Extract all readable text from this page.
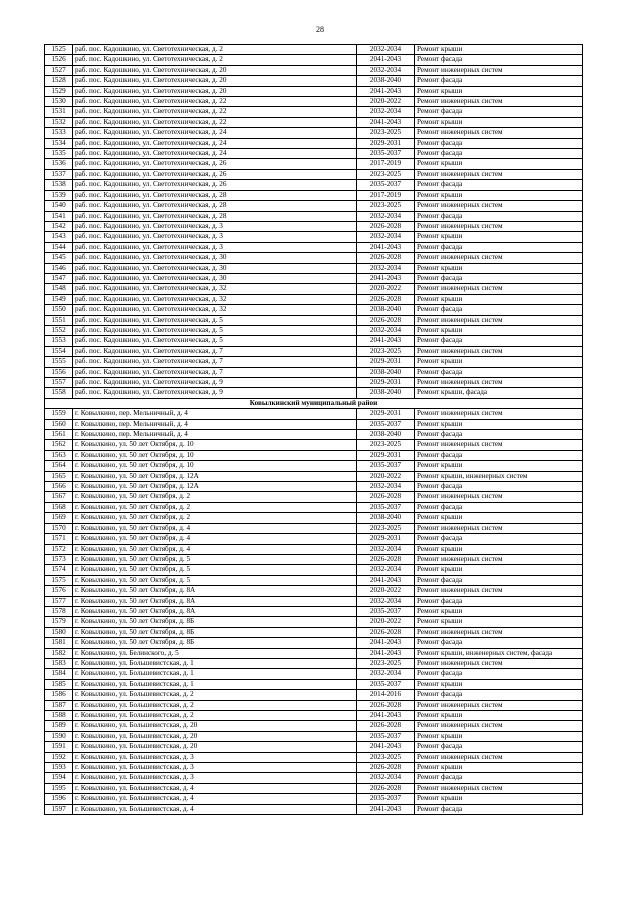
28
1525	раб. пос. Кадошкино, ул. Светотехническая, д. 2	2032-2034	Ремонт крыши
1526	раб. пос. Кадошкино, ул. Светотехническая, д. 2	2041-2043	Ремонт фасада
1527	раб. пос. Кадошкино, ул. Светотехническая, д. 20	2032-2034	Ремонт инженерных систем
1528	раб. пос. Кадошкино, ул. Светотехническая, д. 20	2038-2040	Ремонт фасада
1529	раб. пос. Кадошкино, ул. Светотехническая, д. 20	2041-2043	Ремонт крыши
1530	раб. пос. Кадошкино, ул. Светотехническая, д. 22	2020-2022	Ремонт инженерных систем
1531	раб. пос. Кадошкино, ул. Светотехническая, д. 22	2032-2034	Ремонт фасада
1532	раб. пос. Кадошкино, ул. Светотехническая, д. 22	2041-2043	Ремонт крыши
1533	раб. пос. Кадошкино, ул. Светотехническая, д. 24	2023-2025	Ремонт инженерных систем
1534	раб. пос. Кадошкино, ул. Светотехническая, д. 24	2029-2031	Ремонт фасада
1535	раб. пос. Кадошкино, ул. Светотехническая, д. 24	2035-2037	Ремонт фасада
1536	раб. пос. Кадошкино, ул. Светотехническая, д. 26	2017-2019	Ремонт крыши
1537	раб. пос. Кадошкино, ул. Светотехническая, д. 26	2023-2025	Ремонт инженерных систем
1538	раб. пос. Кадошкино, ул. Светотехническая, д. 26	2035-2037	Ремонт фасада
1539	раб. пос. Кадошкино, ул. Светотехническая, д. 28	2017-2019	Ремонт крыши
1540	раб. пос. Кадошкино, ул. Светотехническая, д. 28	2023-2025	Ремонт инженерных систем
1541	раб. пос. Кадошкино, ул. Светотехническая, д. 28	2032-2034	Ремонт фасада
1542	раб. пос. Кадошкино, ул. Светотехническая, д. 3	2026-2028	Ремонт инженерных систем
1543	раб. пос. Кадошкино, ул. Светотехническая, д. 3	2032-2034	Ремонт крыши
1544	раб. пос. Кадошкино, ул. Светотехническая, д. 3	2041-2043	Ремонт фасада
1545	раб. пос. Кадошкино, ул. Светотехническая, д. 30	2026-2028	Ремонт инженерных систем
1546	раб. пос. Кадошкино, ул. Светотехническая, д. 30	2032-2034	Ремонт крыши
1547	раб. пос. Кадошкино, ул. Светотехническая, д. 30	2041-2043	Ремонт фасада
1548	раб. пос. Кадошкино, ул. Светотехническая, д. 32	2020-2022	Ремонт инженерных систем
1549	раб. пос. Кадошкино, ул. Светотехническая, д. 32	2026-2028	Ремонт крыши
1550	раб. пос. Кадошкино, ул. Светотехническая, д. 32	2038-2040	Ремонт фасада
1551	раб. пос. Кадошкино, ул. Светотехническая, д. 5	2026-2028	Ремонт инженерных систем
1552	раб. пос. Кадошкино, ул. Светотехническая, д. 5	2032-2034	Ремонт крыши
1553	раб. пос. Кадошкино, ул. Светотехническая, д. 5	2041-2043	Ремонт фасада
1554	раб. пос. Кадошкино, ул. Светотехническая, д. 7	2023-2025	Ремонт инженерных систем
1555	раб. пос. Кадошкино, ул. Светотехническая, д. 7	2029-2031	Ремонт крыши
1556	раб. пос. Кадошкино, ул. Светотехническая, д. 7	2038-2040	Ремонт фасада
1557	раб. пос. Кадошкино, ул. Светотехническая, д. 9	2029-2031	Ремонт инженерных систем
1558	раб. пос. Кадошкино, ул. Светотехническая, д. 9	2038-2040	Ремонт крыши, фасада
Ковылкинский муниципальный район			
1559	г. Ковылкино, пер. Мельничный, д. 4	2029-2031	Ремонт инженерных систем
1560	г. Ковылкино, пер. Мельничный, д. 4	2035-2037	Ремонт крыши
1561	г. Ковылкино, пер. Мельничный, д. 4	2038-2040	Ремонт фасада
1562	г. Ковылкино, ул. 50 лет Октября, д. 10	2023-2025	Ремонт инженерных систем
1563	г. Ковылкино, ул. 50 лет Октября, д. 10	2029-2031	Ремонт фасада
1564	г. Ковылкино, ул. 50 лет Октября, д. 10	2035-2037	Ремонт крыши
1565	г. Ковылкино, ул. 50 лет Октября, д. 12А	2020-2022	Ремонт крыши, инженерных систем
1566	г. Ковылкино, ул. 50 лет Октября, д. 12А	2032-2034	Ремонт фасада
1567	г. Ковылкино, ул. 50 лет Октября, д. 2	2026-2028	Ремонт инженерных систем
1568	г. Ковылкино, ул. 50 лет Октября, д. 2	2035-2037	Ремонт фасада
1569	г. Ковылкино, ул. 50 лет Октября, д. 2	2038-2040	Ремонт крыши
1570	г. Ковылкино, ул. 50 лет Октября, д. 4	2023-2025	Ремонт инженерных систем
1571	г. Ковылкино, ул. 50 лет Октября, д. 4	2029-2031	Ремонт фасада
1572	г. Ковылкино, ул. 50 лет Октября, д. 4	2032-2034	Ремонт крыши
1573	г. Ковылкино, ул. 50 лет Октября, д. 5	2026-2028	Ремонт инженерных систем
1574	г. Ковылкино, ул. 50 лет Октября, д. 5	2032-2034	Ремонт крыши
1575	г. Ковылкино, ул. 50 лет Октября, д. 5	2041-2043	Ремонт фасада
1576	г. Ковылкино, ул. 50 лет Октября, д. 8А	2020-2022	Ремонт инженерных систем
1577	г. Ковылкино, ул. 50 лет Октября, д. 8А	2032-2034	Ремонт фасада
1578	г. Ковылкино, ул. 50 лет Октября, д. 8А	2035-2037	Ремонт крыши
1579	г. Ковылкино, ул. 50 лет Октября, д. 8Б	2020-2022	Ремонт крыши
1580	г. Ковылкино, ул. 50 лет Октября, д. 8Б	2026-2028	Ремонт инженерных систем
1581	г. Ковылкино, ул. 50 лет Октября, д. 8Б	2041-2043	Ремонт фасада
1582	г. Ковылкино, ул. Белинского, д. 5	2041-2043	Ремонт крыши, инженерных систем, фасада
1583	г. Ковылкино, ул. Большевистская, д. 1	2023-2025	Ремонт инженерных систем
1584	г. Ковылкино, ул. Большевистская, д. 1	2032-2034	Ремонт фасада
1585	г. Ковылкино, ул. Большевистская, д. 1	2035-2037	Ремонт крыши
1586	г. Ковылкино, ул. Большевистская, д. 2	2014-2016	Ремонт фасада
1587	г. Ковылкино, ул. Большевистская, д. 2	2026-2028	Ремонт инженерных систем
1588	г. Ковылкино, ул. Большевистская, д. 2	2041-2043	Ремонт крыши
1589	г. Ковылкино, ул. Большевистская, д. 20	2026-2028	Ремонт инженерных систем
1590	г. Ковылкино, ул. Большевистская, д. 20	2035-2037	Ремонт крыши
1591	г. Ковылкино, ул. Большевистская, д. 20	2041-2043	Ремонт фасада
1592	г. Ковылкино, ул. Большевистская, д. 3	2023-2025	Ремонт инженерных систем
1593	г. Ковылкино, ул. Большевистская, д. 3	2026-2028	Ремонт крыши
1594	г. Ковылкино, ул. Большевистская, д. 3	2032-2034	Ремонт фасада
1595	г. Ковылкино, ул. Большевистская, д. 4	2026-2028	Ремонт инженерных систем
1596	г. Ковылкино, ул. Большевистская, д. 4	2035-2037	Ремонт крыши
1597	г. Ковылкино, ул. Большевистская, д. 4	2041-2043	Ремонт фасада
